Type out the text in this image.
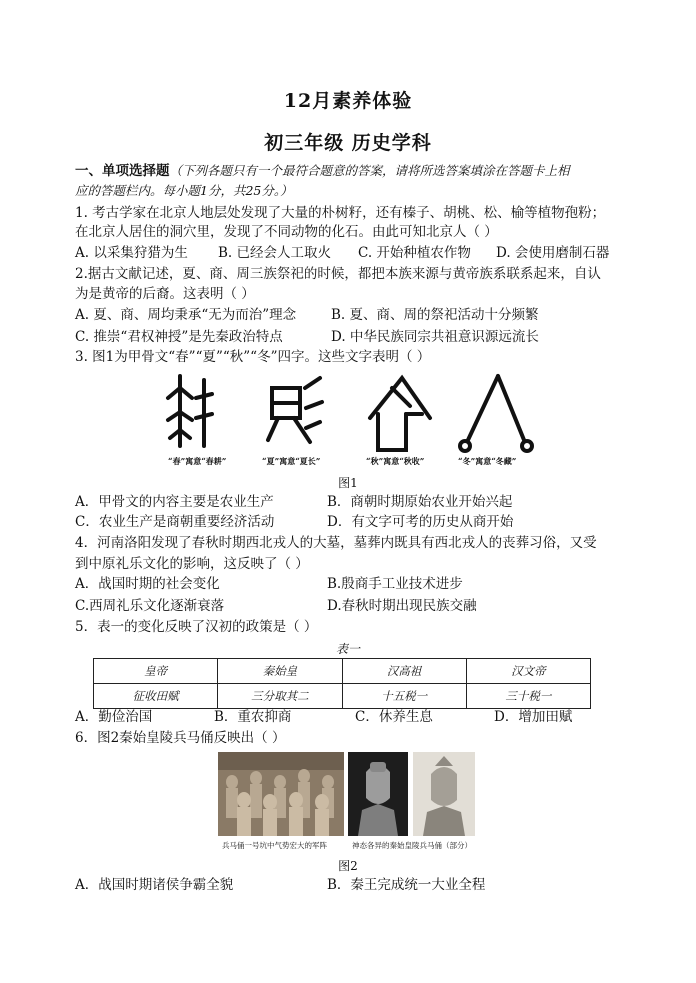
12月素养体验
初三年级 历史学科
一、单项选择题（下列各题只有一个最符合题意的答案，请将所选答案填涂在答题卡上相
应的答题栏内。每小题1分，共25分。）
1. 考古学家在北京人地层处发现了大量的朴树籽，还有榛子、胡桃、松、榆等植物孢粉；
在北京人居住的洞穴里，发现了不同动物的化石。由此可知北京人（ ）
A. 以采集狩猎为生 B. 已经会人工取火 C. 开始种植农作物 D. 会使用磨制石器
2.据古文献记述，夏、商、周三族祭祀的时候，都把本族来源与黄帝族系联系起来，自认
为是黄帝的后裔。这表明（ ）
A. 夏、商、周均秉承“无为而治”理念	B. 夏、商、周的祭祀活动十分频繁
C. 推崇“君权神授”是先秦政治特点	D. 中华民族同宗共祖意识源远流长
3. 图1为甲骨文“春”“夏”“秋”“冬”四字。这些文字表明（ ）
“春”寓意“春耕”	“夏”寓意“夏长”	“秋”寓意“秋收”	“冬”寓意“冬藏”
图1
A．甲骨文的内容主要是农业生产	B．商朝时期原始农业开始兴起
C．农业生产是商朝重要经济活动	D．有文字可考的历史从商开始
4．河南洛阳发现了春秋时期西北戎人的大墓，墓葬内既具有西北戎人的丧葬习俗，又受
到中原礼乐文化的影响，这反映了（ ）
A．战国时期的社会变化	B.殷商手工业技术进步
C.西周礼乐文化逐渐衰落	D.春秋时期出现民族交融
5．表一的变化反映了汉初的政策是（ ）
表一
皇帝	秦始皇	汉高祖	汉文帝
征收田赋	三分取其二	十五税一	三十税一
A．勤俭治国	B．重农抑商	C．休养生息	D．增加田赋
6．图2秦始皇陵兵马俑反映出（ ）
兵马俑一号坑中气势宏大的军阵	神态各异的秦始皇陵兵马俑（部分）
图2
A．战国时期诸侯争霸全貌	B．秦王完成统一大业全程
